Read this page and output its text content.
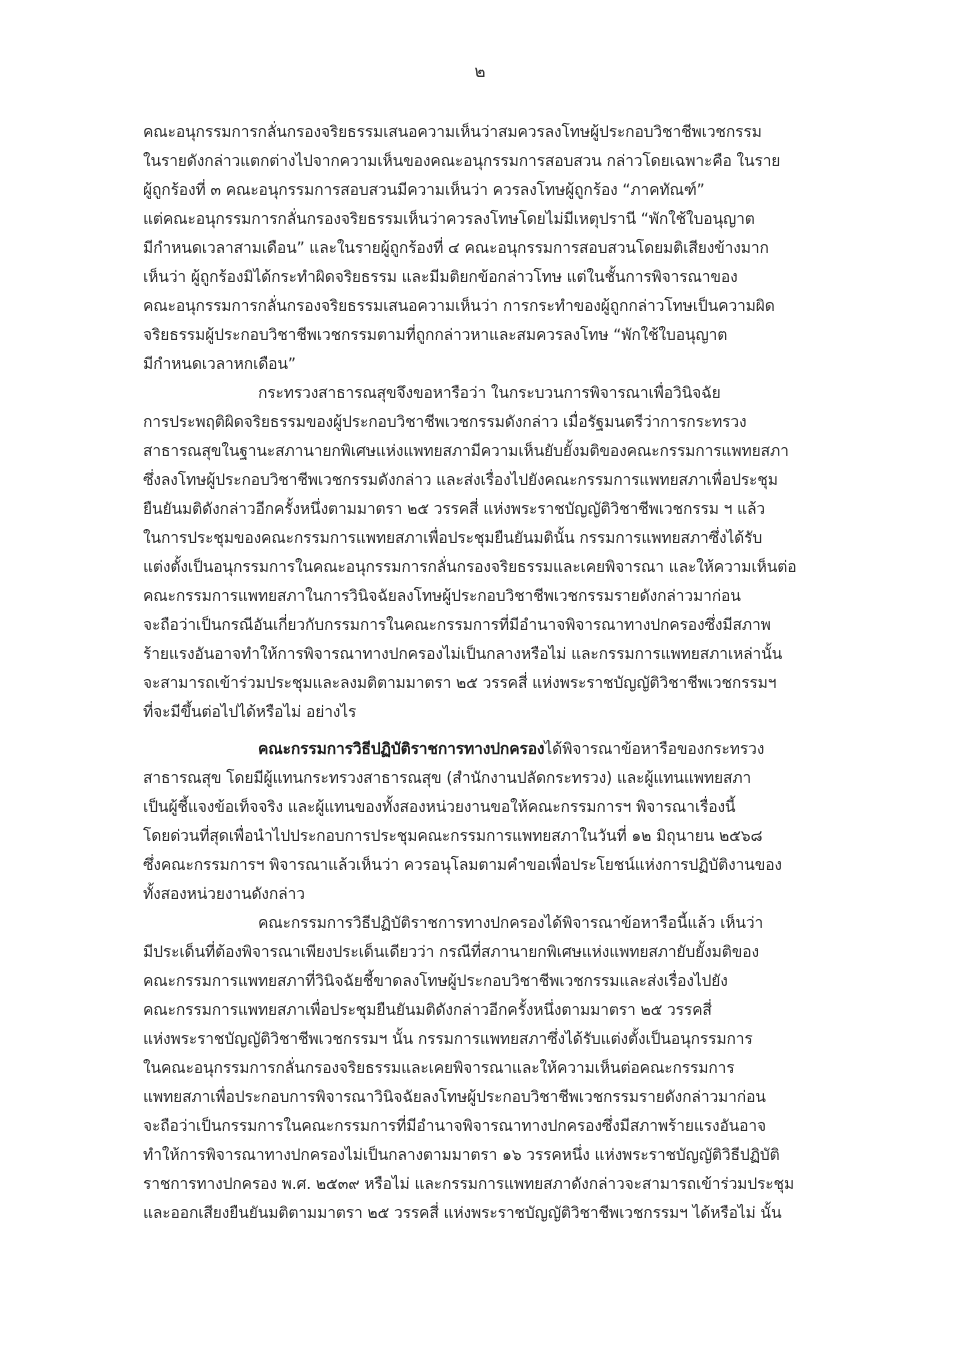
๒
คณะอนุกรรมการกลั่นกรองจริยธรรมเสนอความเห็นว่าสมควรลงโทษผู้ประกอบวิชาชีพเวชกรรม
ในรายดังกล่าวแตกต่างไปจากความเห็นของคณะอนุกรรมการสอบสวน กล่าวโดยเฉพาะคือ ในราย
ผู้ถูกร้องที่ ๓ คณะอนุกรรมการสอบสวนมีความเห็นว่า ควรลงโทษผู้ถูกร้อง “ภาคทัณฑ์”
แต่คณะอนุกรรมการกลั่นกรองจริยธรรมเห็นว่าควรลงโทษโดยไม่มีเหตุปรานี “พักใช้ใบอนุญาต
มีกำหนดเวลาสามเดือน” และในรายผู้ถูกร้องที่ ๔ คณะอนุกรรมการสอบสวนโดยมติเสียงข้างมาก
เห็นว่า ผู้ถูกร้องมิได้กระทำผิดจริยธรรม และมีมติยกข้อกล่าวโทษ แต่ในชั้นการพิจารณาของ
คณะอนุกรรมการกลั่นกรองจริยธรรมเสนอความเห็นว่า การกระทำของผู้ถูกกล่าวโทษเป็นความผิด
จริยธรรมผู้ประกอบวิชาชีพเวชกรรมตามที่ถูกกล่าวหาและสมควรลงโทษ “พักใช้ใบอนุญาต
มีกำหนดเวลาหกเดือน”
กระทรวงสาธารณสุขจึงขอหารือว่า ในกระบวนการพิจารณาเพื่อวินิจฉัย
การประพฤติผิดจริยธรรมของผู้ประกอบวิชาชีพเวชกรรมดังกล่าว เมื่อรัฐมนตรีว่าการกระทรวง
สาธารณสุขในฐานะสภานายกพิเศษแห่งแพทยสภามีความเห็นยับยั้งมติของคณะกรรมการแพทยสภา
ซึ่งลงโทษผู้ประกอบวิชาชีพเวชกรรมดังกล่าว และส่งเรื่องไปยังคณะกรรมการแพทยสภาเพื่อประชุม
ยืนยันมติดังกล่าวอีกครั้งหนึ่งตามมาตรา ๒๕ วรรคสี่ แห่งพระราชบัญญัติวิชาชีพเวชกรรม ฯ แล้ว
ในการประชุมของคณะกรรมการแพทยสภาเพื่อประชุมยืนยันมตินั้น กรรมการแพทยสภาซึ่งได้รับ
แต่งตั้งเป็นอนุกรรมการในคณะอนุกรรมการกลั่นกรองจริยธรรมและเคยพิจารณา และให้ความเห็นต่อ
คณะกรรมการแพทยสภาในการวินิจฉัยลงโทษผู้ประกอบวิชาชีพเวชกรรมรายดังกล่าวมาก่อน
จะถือว่าเป็นกรณีอันเกี่ยวกับกรรมการในคณะกรรมการที่มีอำนาจพิจารณาทางปกครองซึ่งมีสภาพ
ร้ายแรงอันอาจทำให้การพิจารณาทางปกครองไม่เป็นกลางหรือไม่ และกรรมการแพทยสภาเหล่านั้น
จะสามารถเข้าร่วมประชุมและลงมติตามมาตรา ๒๕ วรรคสี่ แห่งพระราชบัญญัติวิชาชีพเวชกรรมฯ
ที่จะมีขึ้นต่อไปได้หรือไม่ อย่างไร
คณะกรรมการวิธีปฏิบัติราชการทางปกครองได้พิจารณาข้อหารือของกระทรวง
สาธารณสุข โดยมีผู้แทนกระทรวงสาธารณสุข (สำนักงานปลัดกระทรวง) และผู้แทนแพทยสภา
เป็นผู้ชี้แจงข้อเท็จจริง และผู้แทนของทั้งสองหน่วยงานขอให้คณะกรรมการฯ พิจารณาเรื่องนี้
โดยด่วนที่สุดเพื่อนำไปประกอบการประชุมคณะกรรมการแพทยสภาในวันที่ ๑๒ มิถุนายน ๒๕๖๘
ซึ่งคณะกรรมการฯ พิจารณาแล้วเห็นว่า ควรอนุโลมตามคำขอเพื่อประโยชน์แห่งการปฏิบัติงานของ
ทั้งสองหน่วยงานดังกล่าว
คณะกรรมการวิธีปฏิบัติราชการทางปกครองได้พิจารณาข้อหารือนี้แล้ว เห็นว่า
มีประเด็นที่ต้องพิจารณาเพียงประเด็นเดียวว่า กรณีที่สภานายกพิเศษแห่งแพทยสภายับยั้งมติของ
คณะกรรมการแพทยสภาที่วินิจฉัยชี้ขาดลงโทษผู้ประกอบวิชาชีพเวชกรรมและส่งเรื่องไปยัง
คณะกรรมการแพทยสภาเพื่อประชุมยืนยันมติดังกล่าวอีกครั้งหนึ่งตามมาตรา ๒๕ วรรคสี่
แห่งพระราชบัญญัติวิชาชีพเวชกรรมฯ นั้น กรรมการแพทยสภาซึ่งได้รับแต่งตั้งเป็นอนุกรรมการ
ในคณะอนุกรรมการกลั่นกรองจริยธรรมและเคยพิจารณาและให้ความเห็นต่อคณะกรรมการ
แพทยสภาเพื่อประกอบการพิจารณาวินิจฉัยลงโทษผู้ประกอบวิชาชีพเวชกรรมรายดังกล่าวมาก่อน
จะถือว่าเป็นกรรมการในคณะกรรมการที่มีอำนาจพิจารณาทางปกครองซึ่งมีสภาพร้ายแรงอันอาจ
ทำให้การพิจารณาทางปกครองไม่เป็นกลางตามมาตรา ๑๖ วรรคหนึ่ง แห่งพระราชบัญญัติวิธีปฏิบัติ
ราชการทางปกครอง พ.ศ. ๒๕๓๙ หรือไม่ และกรรมการแพทยสภาดังกล่าวจะสามารถเข้าร่วมประชุม
และออกเสียงยืนยันมติตามมาตรา ๒๕ วรรคสี่ แห่งพระราชบัญญัติวิชาชีพเวชกรรมฯ ได้หรือไม่ นั้น
